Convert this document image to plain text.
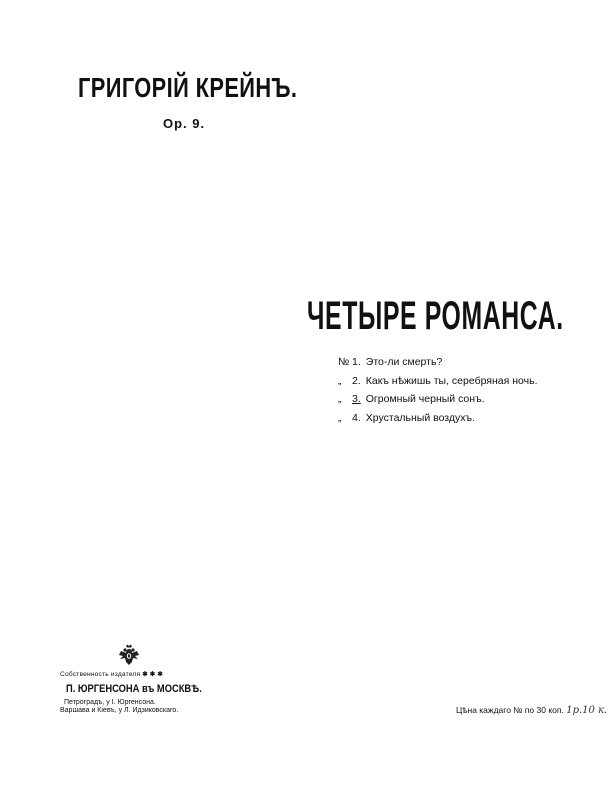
ГРИГОРІЙ КРЕЙНЪ.
Op. 9.
ЧЕТЫРЕ РОМАНСА.
№ 1. Это-ли смерть?
„ 2. Какъ нѣжишь ты, серебряная ночь.
„ 3. Огромный черный сонъ.
„ 4. Хрустальный воздухъ.
Собственность издателя ✱✱✱
П. ЮРГЕНСОНА въ МОСКВѢ.
Петроградъ, у І. Юргенсона.
Варшава и Кіевъ, у Л. Идзиковскаго.	Цѣна каждаго № по 30 коп. 1р.10 к.
